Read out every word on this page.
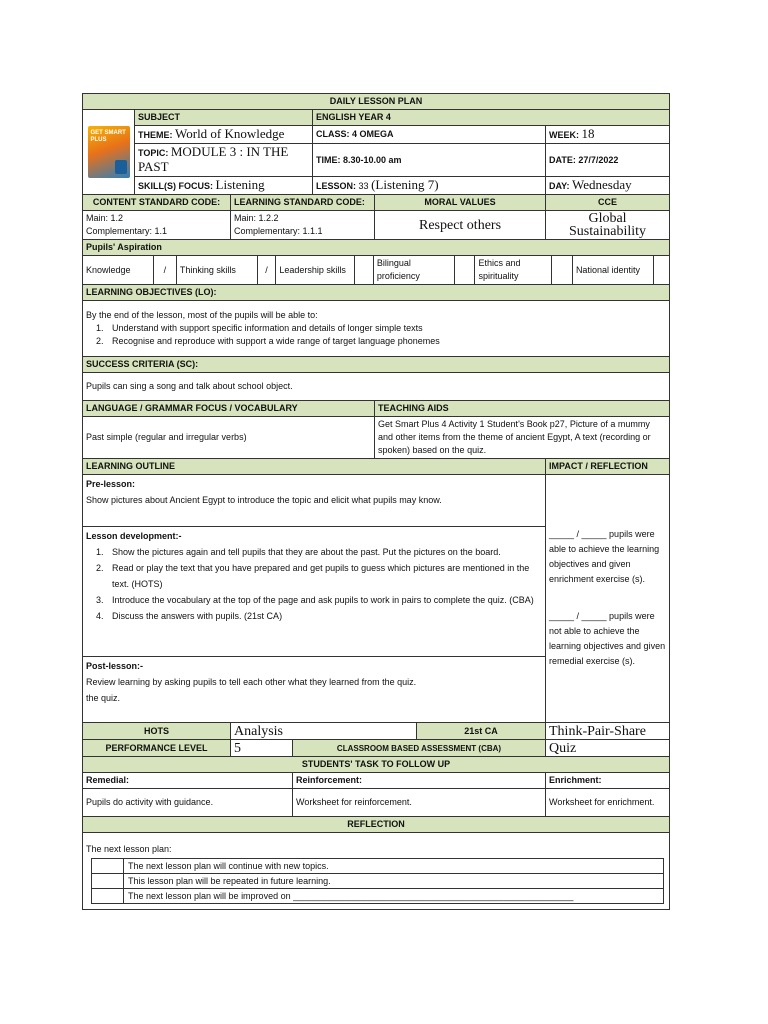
DAILY LESSON PLAN

GET SMART PLUS
	SUBJECT	ENGLISH YEAR 4
THEME: World of Knowledge	CLASS: 4 OMEGA	WEEK: 18
TOPIC: MODULE 3 : IN THE PAST	TIME: 8.30-10.00 am	DATE: 27/7/2022
SKILL(S) FOCUS: Listening	LESSON: 33 (Listening 7)	DAY: Wednesday
CONTENT STANDARD CODE:	LEARNING STANDARD CODE:	MORAL VALUES	CCE

Main: 1.2
Complementary: 1.1

Main: 1.2.2
Complementary: 1.1.1	Respect others	Global Sustainability
Pupils' Aspiration

Knowledge	/	Thinking skills	/	Leadership skills		Bilingual proficiency		Ethics and spirituality		National identity	

LEARNING OBJECTIVES (LO):

By the end of the lesson, most of the pupils will be able to:
1. Understand with support specific information and details of longer simple texts
2. Recognise and reproduce with support a wide range of target language phonemes

SUCCESS CRITERIA (SC):
Pupils can sing a song and talk about school object.
LANGUAGE / GRAMMAR FOCUS / VOCABULARY	TEACHING AIDS
Past simple (regular and irregular verbs)	Get Smart Plus 4 Activity 1 Student's Book p27, Picture of a mummy and other items from the theme of ancient Egypt, A text (recording or spoken) based on the quiz.
LEARNING OUTLINE	IMPACT / REFLECTION

Pre-lesson:
Show pictures about Ancient Egypt to introduce the topic and elicit what pupils may know.

_____ / _____ pupils were able to achieve the learning objectives and given enrichment exercise (s).
_____ / _____ pupils were not able to achieve the learning objectives and given remedial exercise (s).

Lesson development:-
1. Show the pictures again and tell pupils that they are about the past. Put the pictures on the board.
2. Read or play the text that you have prepared and get pupils to guess which pictures are mentioned in the text. (HOTS)
3. Introduce the vocabulary at the top of the page and ask pupils to work in pairs to complete the quiz. (CBA)
4. Discuss the answers with pupils. (21st CA)

Post-lesson:-
Review learning by asking pupils to tell each other what they learned from the quiz.
the quiz.

HOTS	Analysis	21st CA	Think-Pair-Share
PERFORMANCE LEVEL	5	CLASSROOM BASED ASSESSMENT (CBA)	Quiz
STUDENTS' TASK TO FOLLOW UP
Remedial:	Reinforcement:	Enrichment:
Pupils do activity with guidance.	Worksheet for reinforcement.	Worksheet for enrichment.
REFLECTION

The next lesson plan:
	The next lesson plan will continue with new topics.
	This lesson plan will be repeated in future learning.
	The next lesson plan will be improved on ________________________________________________________
